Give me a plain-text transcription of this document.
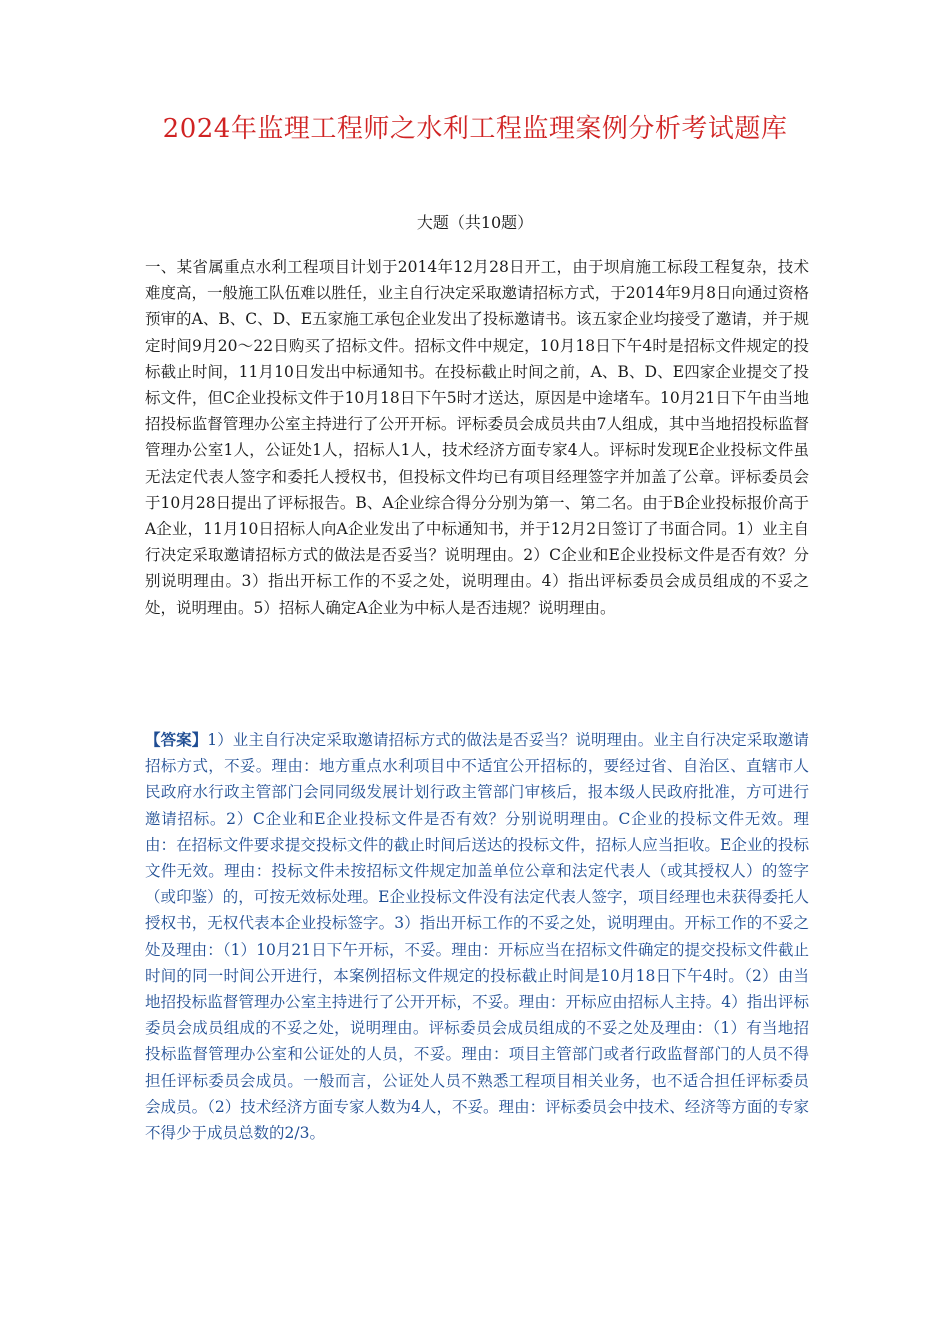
2024年监理工程师之水利工程监理案例分析考试题库
大题（共10题）

一、某省属重点水利工程项目计划于2014年12月28日开工，由于坝肩施工标段工程复杂，技术难度高，一般施工队伍难以胜任，业主自行决定采取邀请招标方式，于2014年9月8日向通过资格预审的A、B、C、D、E五家施工承包企业发出了投标邀请书。该五家企业均接受了邀请，并于规定时间9月20～22日购买了招标文件。招标文件中规定，10月18日下午4时是招标文件规定的投标截止时间，11月10日发出中标通知书。在投标截止时间之前，A、B、D、E四家企业提交了投标文件，但C企业投标文件于10月18日下午5时才送达，原因是中途堵车。10月21日下午由当地招投标监督管理办公室主持进行了公开开标。评标委员会成员共由7人组成，其中当地招投标监督管理办公室1人，公证处1人，招标人1人，技术经济方面专家4人。评标时发现E企业投标文件虽无法定代表人签字和委托人授权书，但投标文件均已有项目经理签字并加盖了公章。评标委员会于10月28日提出了评标报告。B、A企业综合得分分别为第一、第二名。由于B企业投标报价高于A企业，11月10日招标人向A企业发出了中标通知书，并于12月2日签订了书面合同。1）业主自行决定采取邀请招标方式的做法是否妥当？说明理由。2）C企业和E企业投标文件是否有效？分别说明理由。3）指出开标工作的不妥之处，说明理由。4）指出评标委员会成员组成的不妥之处，说明理由。5）招标人确定A企业为中标人是否违规？说明理由。

【答案】1）业主自行决定采取邀请招标方式的做法是否妥当？说明理由。业主自行决定采取邀请招标方式，不妥。理由：地方重点水利项目中不适宜公开招标的，要经过省、自治区、直辖市人民政府水行政主管部门会同同级发展计划行政主管部门审核后，报本级人民政府批准，方可进行邀请招标。2）C企业和E企业投标文件是否有效？分别说明理由。C企业的投标文件无效。理由：在招标文件要求提交投标文件的截止时间后送达的投标文件，招标人应当拒收。E企业的投标文件无效。理由：投标文件未按招标文件规定加盖单位公章和法定代表人（或其授权人）的签字（或印鉴）的，可按无效标处理。E企业投标文件没有法定代表人签字，项目经理也未获得委托人授权书，无权代表本企业投标签字。3）指出开标工作的不妥之处，说明理由。开标工作的不妥之处及理由：（1）10月21日下午开标，不妥。理由：开标应当在招标文件确定的提交投标文件截止时间的同一时间公开进行，本案例招标文件规定的投标截止时间是10月18日下午4时。（2）由当地招投标监督管理办公室主持进行了公开开标，不妥。理由：开标应由招标人主持。4）指出评标委员会成员组成的不妥之处，说明理由。评标委员会成员组成的不妥之处及理由：（1）有当地招投标监督管理办公室和公证处的人员，不妥。理由：项目主管部门或者行政监督部门的人员不得担任评标委员会成员。一般而言，公证处人员不熟悉工程项目相关业务，也不适合担任评标委员会成员。（2）技术经济方面专家人数为4人，不妥。理由：评标委员会中技术、经济等方面的专家不得少于成员总数的2/3。
